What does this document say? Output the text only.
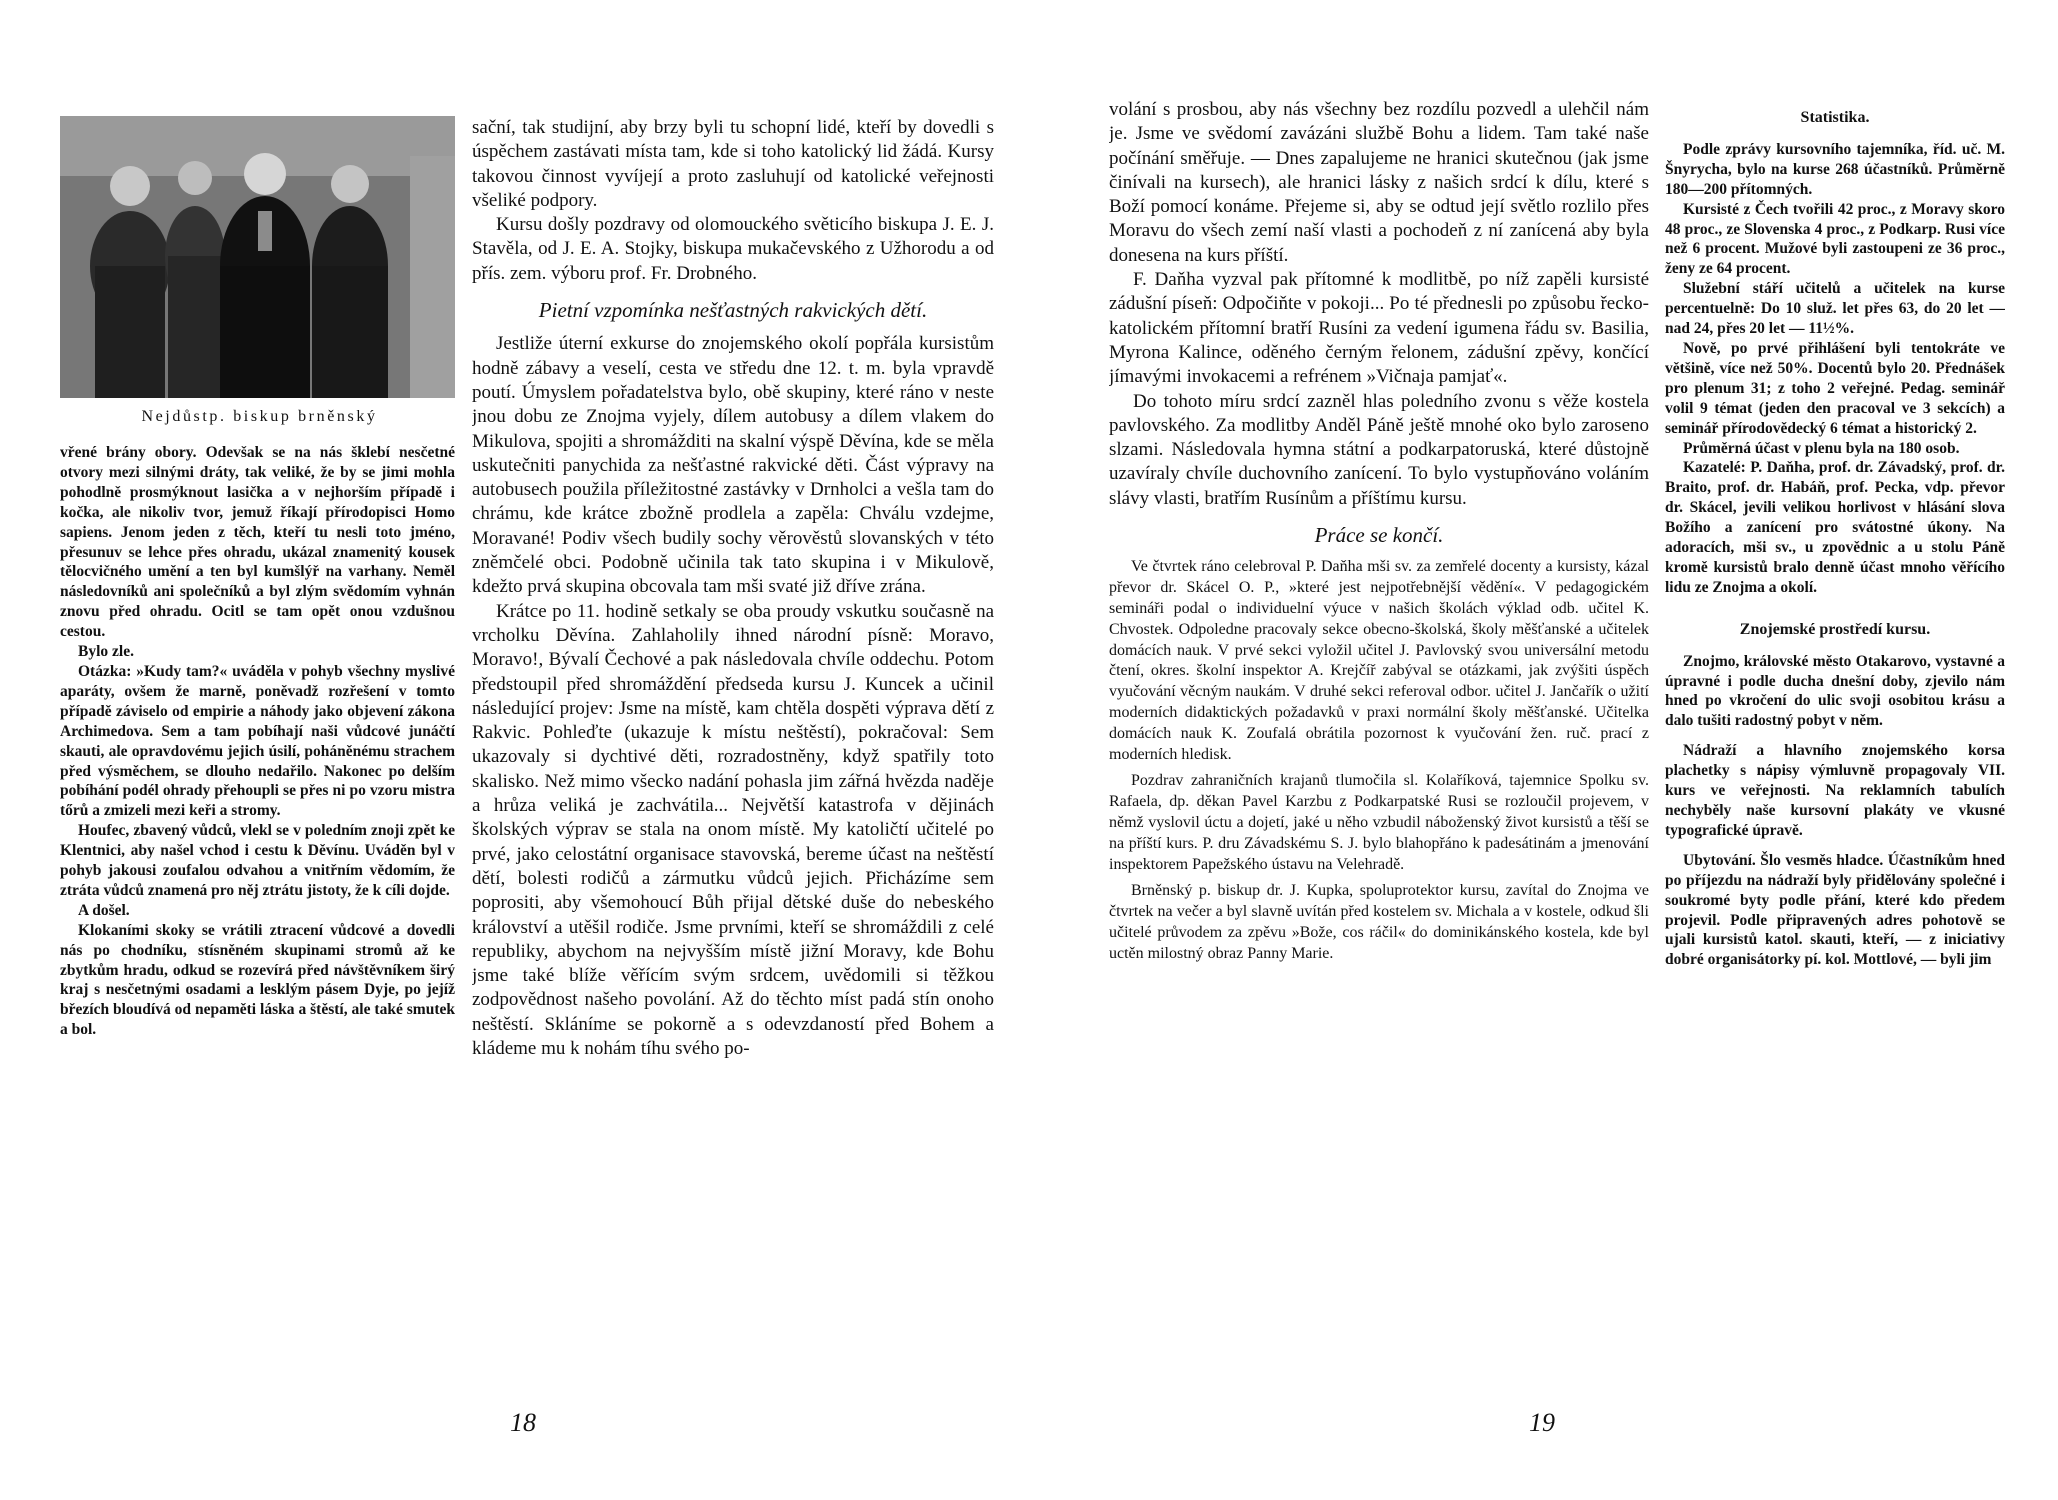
Nejdůstp. biskup brněnský

vřené brány obory. Odevšak se na nás šklebí nesčetné otvory mezi silnými dráty, tak veliké, že by se jimi mohla pohodlně prosmýknout lasička a v nejhorším případě i kočka, ale nikoliv tvor, jemuž říkají přírodopisci Homo sapiens. Jenom jeden z těch, kteří tu nesli toto jméno, přesunuv se lehce přes ohradu, ukázal znamenitý kousek tělocvičného umění a ten byl kumšlýř na varhany. Neměl následovníků ani společníků a byl zlým svědomím vyhnán znovu před ohradu. Ocitl se tam opět onou vzdušnou cestou.

Bylo zle.

Otázka: »Kudy tam?« uváděla v pohyb všechny myslivé aparáty, ovšem že marně, poněvadž rozřešení v tomto případě záviselo od empirie a náhody jako objevení zákona Archimedova. Sem a tam pobíhají naši vůdcové junáčtí skauti, ale opravdovému jejich úsilí, poháněnému strachem před výsměchem, se dlouho nedařilo. Nakonec po delším pobíhání podél ohrady přehoupli se přes ni po vzoru mistra tőrů a zmizeli mezi keři a stromy.

Houfec, zbavený vůdců, vlekl se v poledním znoji zpět ke Klentnici, aby našel vchod i cestu k Děvínu. Uváděn byl v pohyb jakousi zoufalou odvahou a vnitřním vědomím, že ztráta vůdců znamená pro něj ztrátu jistoty, že k cíli dojde.

A došel.

Klokaními skoky se vrátili ztracení vůdcové a dovedli nás po chodníku, stísněném skupinami stromů až ke zbytkům hradu, odkud se rozevírá před návštěvníkem širý kraj s nesčetnými osadami a lesklým pásem Dyje, po jejíž březích bloudívá od nepaměti láska a štěstí, ale také smutek a bol.

sační, tak studijní, aby brzy byli tu schopní lidé, kteří by dovedli s úspěchem zastávati místa tam, kde si toho katolický lid žádá. Kursy takovou činnost vyvíjejí a proto zasluhují od katolické veřejnosti všeliké podpory.

Kursu došly pozdravy od olomouckého světicího biskupa J. E. J. Stavěla, od J. E. A. Stojky, biskupa mukačevského z Užhorodu a od přís. zem. výboru prof. Fr. Drobného.

Pietní vzpomínka nešťastných rakvických dětí.

Jestliže úterní exkurse do znojemského okolí popřála kursistům hodně zábavy a veselí, cesta ve středu dne 12. t. m. byla vpravdě poutí. Úmyslem pořadatelstva bylo, obě skupiny, které ráno v neste jnou dobu ze Znojma vyjely, dílem autobusy a dílem vlakem do Mikulova, spojiti a shromážditi na skalní výspě Děvína, kde se měla uskutečniti panychida za nešťastné rakvické děti. Část výpravy na autobusech použila příležitostné zastávky v Drnholci a vešla tam do chrámu, kde krátce zbožně prodlela a zapěla: Chválu vzdejme, Moravané! Podiv všech budily sochy věrověstů slovanských v této zněmčelé obci. Podobně učinila tak tato skupina i v Mikulově, kdežto prvá skupina obcovala tam mši svaté již dříve zrána.

Krátce po 11. hodině setkaly se oba proudy vskutku současně na vrcholku Děvína. Zahlaholily ihned národní písně: Moravo, Moravo!, Bývalí Čechové a pak následovala chvíle oddechu. Potom předstoupil před shromáždění předseda kursu J. Kuncek a učinil následující projev: Jsme na místě, kam chtěla dospěti výprava dětí z Rakvic. Pohleďte (ukazuje k místu neštěstí), pokračoval: Sem ukazovaly si dychtivé děti, rozradostněny, když spatřily toto skalisko. Než mimo všecko nadání pohasla jim zářná hvězda naděje a hrůza veliká je zachvátila... Největší katastrofa v dějinách školských výprav se stala na onom místě. My katoličtí učitelé po prvé, jako celostátní organisace stavovská, bereme účast na neštěstí dětí, bolesti rodičů a zármutku vůdců jejich. Přicházíme sem poprositi, aby všemohoucí Bůh přijal dětské duše do nebeského království a utěšil rodiče. Jsme prvními, kteří se shromáždili z celé republiky, abychom na nejvyšším místě jižní Moravy, kde Bohu jsme také blíže věřícím svým srdcem, uvědomili si těžkou zodpovědnost našeho povolání. Až do těchto míst padá stín onoho neštěstí. Skláníme se pokorně a s odevzdaností před Bohem a kládeme mu k nohám tíhu svého po-

18

volání s prosbou, aby nás všechny bez rozdílu pozvedl a ulehčil nám je. Jsme ve svědomí zavázáni službě Bohu a lidem. Tam také naše počínání směřuje. — Dnes zapalujeme ne hranici skutečnou (jak jsme činívali na kursech), ale hranici lásky z našich srdcí k dílu, které s Boží pomocí konáme. Přejeme si, aby se odtud její světlo rozlilo přes Moravu do všech zemí naší vlasti a pochodeň z ní zanícená aby byla donesena na kurs příští.

F. Daňha vyzval pak přítomné k modlitbě, po níž zapěli kursisté zádušní píseň: Odpočiňte v pokoji... Po té přednesli po způsobu řecko-katolickém přítomní bratří Rusíni za vedení igumena řádu sv. Basilia, Myrona Kalince, oděného černým řelonem, zádušní zpěvy, končící jímavými invokacemi a refrénem »Vičnaja pamjať«.

Do tohoto míru srdcí zazněl hlas poledního zvonu s věže kostela pavlovského. Za modlitby Anděl Páně ještě mnohé oko bylo zaroseno slzami. Následovala hymna státní a podkarpatoruská, které důstojně uzavíraly chvíle duchovního zanícení. To bylo vystupňováno voláním slávy vlasti, bratřím Rusínům a příštímu kursu.

Práce se končí.

Ve čtvrtek ráno celebroval P. Daňha mši sv. za zemřelé docenty a kursisty, kázal převor dr. Skácel O. P., »které jest nejpotřebnější vědění«. V pedagogickém semináři podal o individuelní výuce v našich školách výklad odb. učitel K. Chvostek. Odpoledne pracovaly sekce obecno-školská, školy měšťanské a učitelek domácích nauk. V prvé sekci vyložil učitel J. Pavlovský svou universální metodu čtení, okres. školní inspektor A. Krejčíř zabýval se otázkami, jak zvýšiti úspěch vyučování věcným naukám. V druhé sekci referoval odbor. učitel J. Jančařík o užití moderních didaktických požadavků v praxi normální školy měšťanské. Učitelka domácích nauk K. Zoufalá obrátila pozornost k vyučování žen. ruč. prací z moderních hledisk.

Pozdrav zahraničních krajanů tlumočila sl. Kolaříková, tajemnice Spolku sv. Rafaela, dp. děkan Pavel Karzbu z Podkarpatské Rusi se rozloučil projevem, v němž vyslovil úctu a dojetí, jaké u něho vzbudil náboženský život kursistů a těší se na příští kurs. P. dru Závadskému S. J. bylo blahopřáno k padesátinám a jmenování inspektorem Papežského ústavu na Velehradě.

Brněnský p. biskup dr. J. Kupka, spoluprotektor kursu, zavítal do Znojma ve čtvrtek na večer a byl slavně uvítán před kostelem sv. Michala a v kostele, odkud šli učitelé průvodem za zpěvu »Bože, cos ráčil« do dominikánského kostela, kde byl uctěn milostný obraz Panny Marie.

Statistika.

Podle zprávy kursovního tajemníka, říd. uč. M. Šnyrycha, bylo na kurse 268 účastníků. Průměrně 180—200 přítomných.

Kursisté z Čech tvořili 42 proc., z Moravy skoro 48 proc., ze Slovenska 4 proc., z Podkarp. Rusi více než 6 procent. Mužové byli zastoupeni ze 36 proc., ženy ze 64 procent.

Služební stáří učitelů a učitelek na kurse percentuelně: Do 10 služ. let přes 63, do 20 let — nad 24, přes 20 let — 11½%.

Nově, po prvé přihlášení byli tentokráte ve většině, více než 50%. Docentů bylo 20. Přednášek pro plenum 31; z toho 2 veřejné. Pedag. seminář volil 9 témat (jeden den pracoval ve 3 sekcích) a seminář přírodovědecký 6 témat a historický 2.

Průměrná účast v plenu byla na 180 osob.

Kazatelé: P. Daňha, prof. dr. Závadský, prof. dr. Braito, prof. dr. Habáň, prof. Pecka, vdp. převor dr. Skácel, jevili velikou horlivost v hlásání slova Božího a zanícení pro svátostné úkony. Na adoracích, mši sv., u zpovědnic a u stolu Páně kromě kursistů bralo denně účast mnoho věřícího lidu ze Znojma a okolí.

Znojemské prostředí kursu.

Znojmo, královské město Otakarovo, vystavné a úpravné i podle ducha dnešní doby, zjevilo nám hned po vkročení do ulic svoji osobitou krásu a dalo tušiti radostný pobyt v něm.

Nádraží a hlavního znojemského korsa plachetky s nápisy výmluvně propagovaly VII. kurs ve veřejnosti. Na reklamních tabulích nechyběly naše kursovní plakáty ve vkusné typografické úpravě.

Ubytování. Šlo vesměs hladce. Účastníkům hned po příjezdu na nádraží byly přidělovány společné i soukromé byty podle přání, které kdo předem projevil. Podle připravených adres pohotově se ujali kursistů katol. skauti, kteří, — z iniciativy dobré organisátorky pí. kol. Mottlové, — byli jim

19
